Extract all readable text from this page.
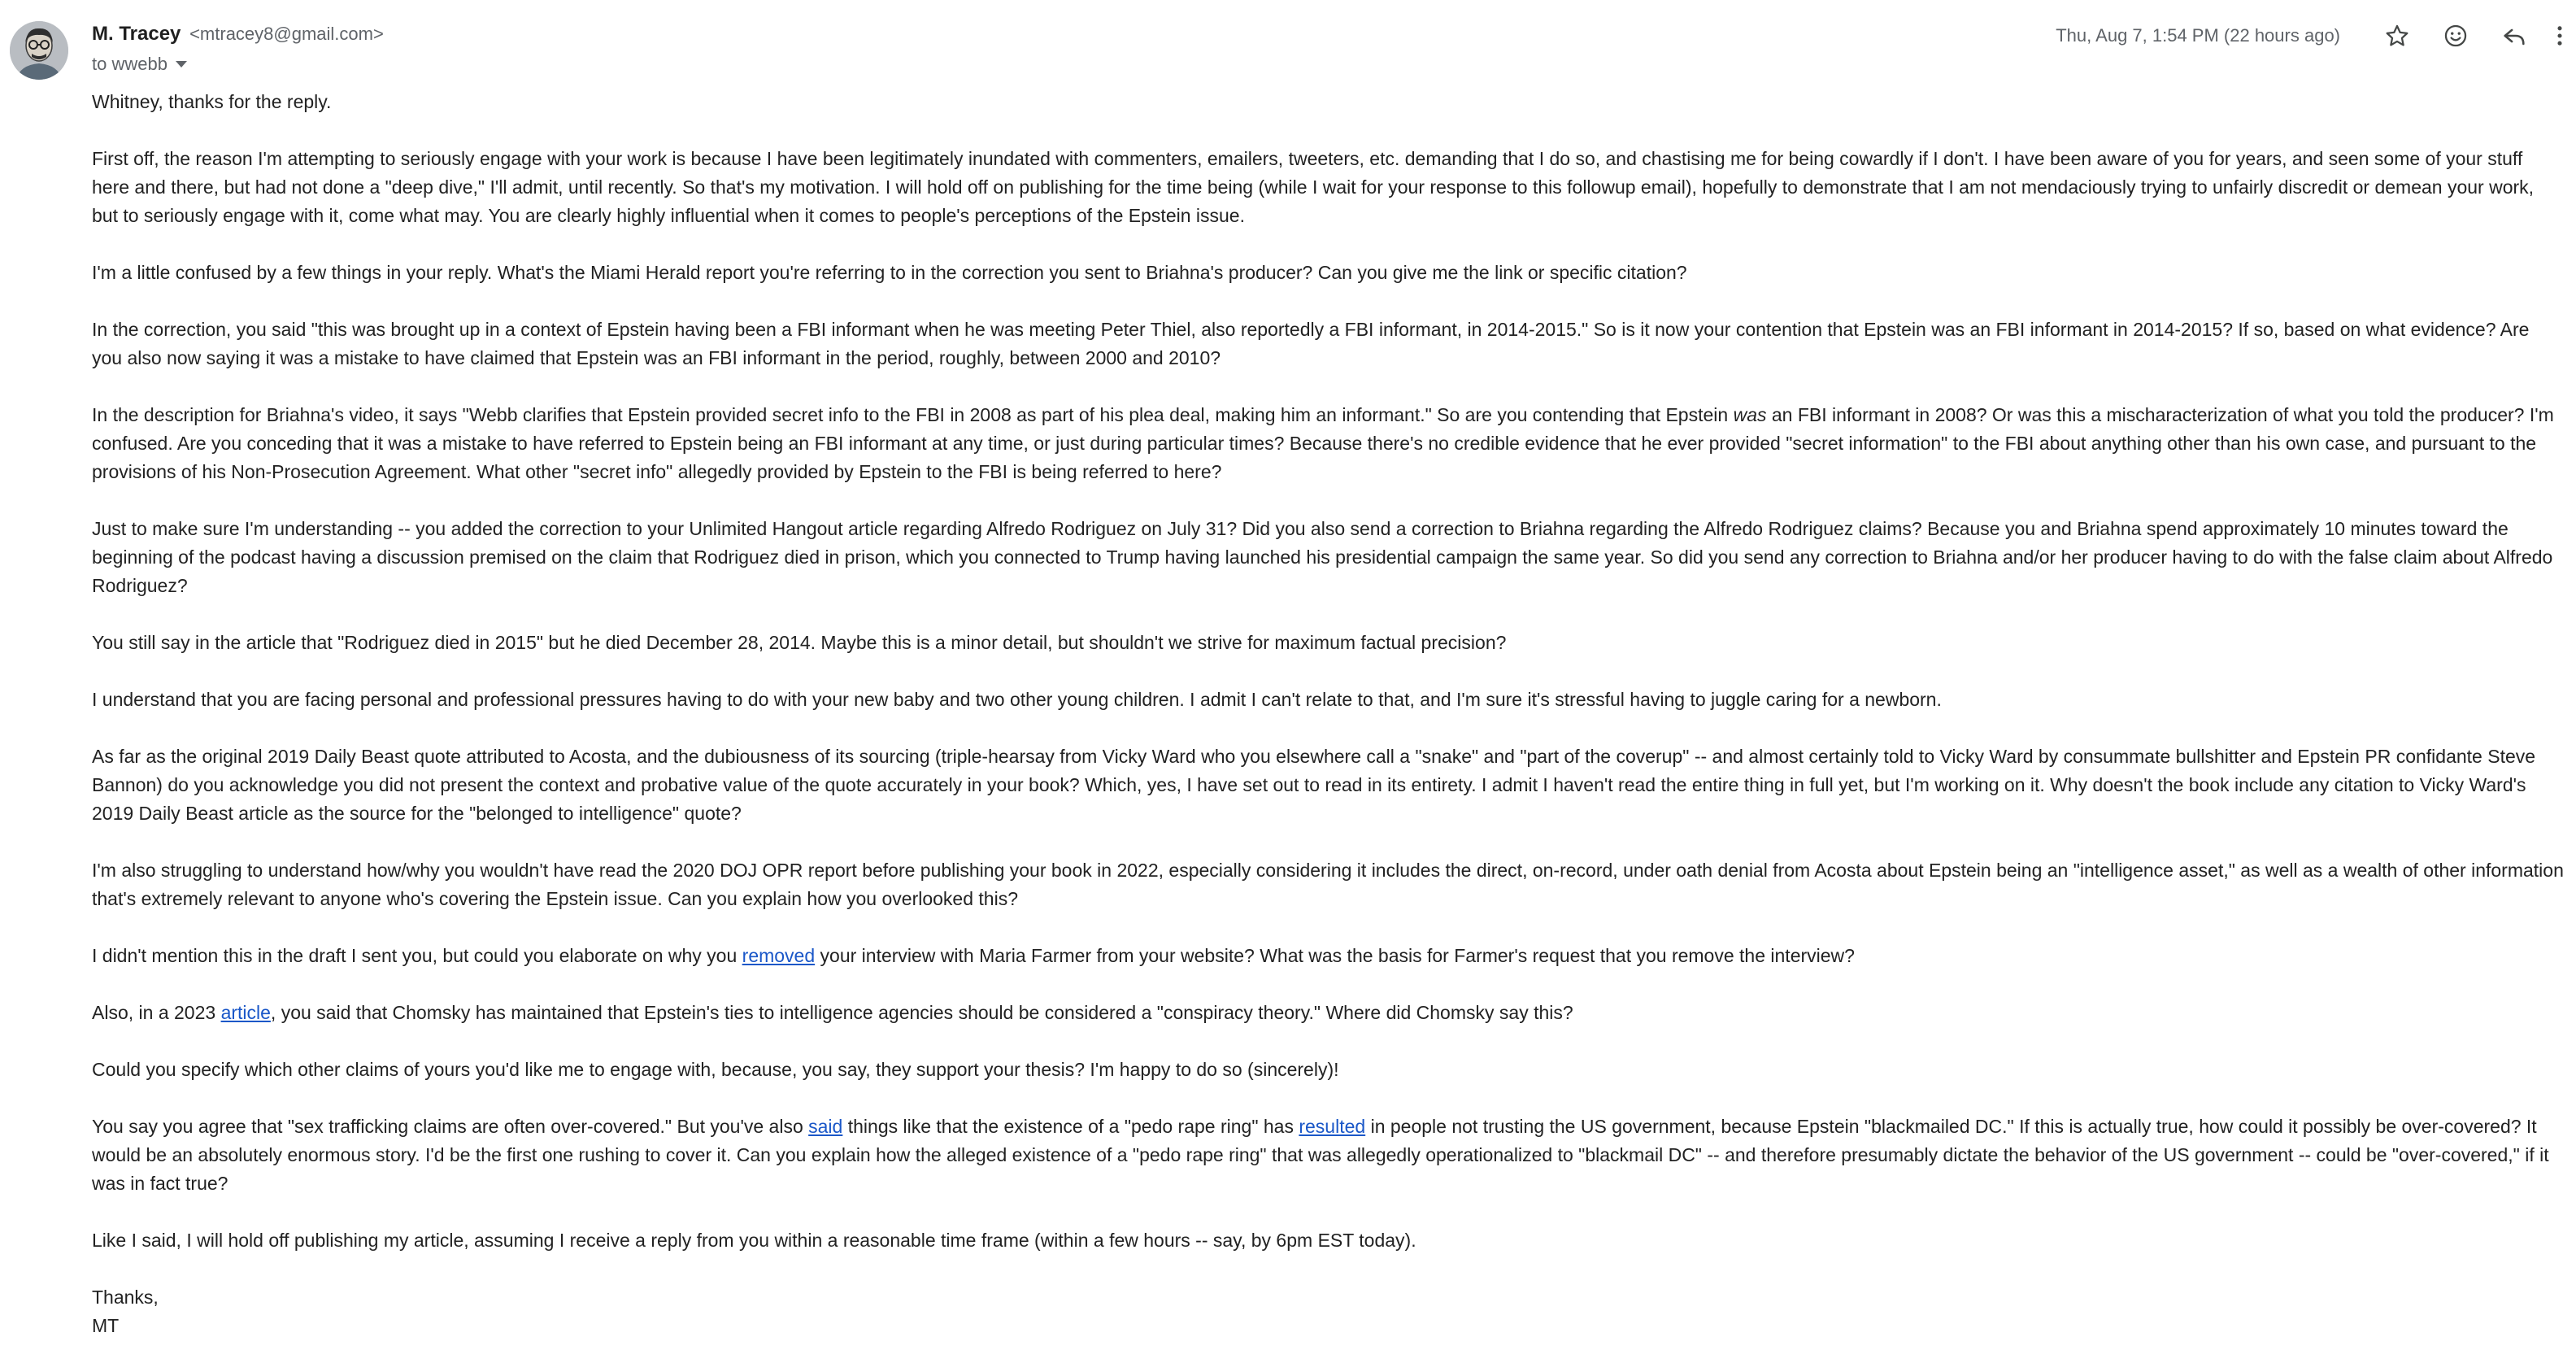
M. Tracey <mtracey8@gmail.com>
to wwebb
Thu, Aug 7, 1:54 PM (22 hours ago)

Whitney, thanks for the reply.

First off, the reason I'm attempting to seriously engage with your work is because I have been legitimately inundated with commenters, emailers, tweeters, etc. demanding that I do so, and chastising me for being cowardly if I don't. I have been aware of you for years, and seen some of your stuff here and there, but had not done a "deep dive," I'll admit, until recently. So that's my motivation. I will hold off on publishing for the time being (while I wait for your response to this followup email), hopefully to demonstrate that I am not mendaciously trying to unfairly discredit or demean your work, but to seriously engage with it, come what may. You are clearly highly influential when it comes to people's perceptions of the Epstein issue.

I'm a little confused by a few things in your reply. What's the Miami Herald report you're referring to in the correction you sent to Briahna's producer? Can you give me the link or specific citation?

In the correction, you said "this was brought up in a context of Epstein having been a FBI informant when he was meeting Peter Thiel, also reportedly a FBI informant, in 2014-2015." So is it now your contention that Epstein was an FBI informant in 2014-2015? If so, based on what evidence? Are you also now saying it was a mistake to have claimed that Epstein was an FBI informant in the period, roughly, between 2000 and 2010?

In the description for Briahna's video, it says "Webb clarifies that Epstein provided secret info to the FBI in 2008 as part of his plea deal, making him an informant." So are you contending that Epstein was an FBI informant in 2008? Or was this a mischaracterization of what you told the producer? I'm confused. Are you conceding that it was a mistake to have referred to Epstein being an FBI informant at any time, or just during particular times? Because there's no credible evidence that he ever provided "secret information" to the FBI about anything other than his own case, and pursuant to the provisions of his Non-Prosecution Agreement. What other "secret info" allegedly provided by Epstein to the FBI is being referred to here?

Just to make sure I'm understanding -- you added the correction to your Unlimited Hangout article regarding Alfredo Rodriguez on July 31? Did you also send a correction to Briahna regarding the Alfredo Rodriguez claims? Because you and Briahna spend approximately 10 minutes toward the beginning of the podcast having a discussion premised on the claim that Rodriguez died in prison, which you connected to Trump having launched his presidential campaign the same year. So did you send any correction to Briahna and/or her producer having to do with the false claim about Alfredo Rodriguez?

You still say in the article that "Rodriguez died in 2015" but he died December 28, 2014. Maybe this is a minor detail, but shouldn't we strive for maximum factual precision?

I understand that you are facing personal and professional pressures having to do with your new baby and two other young children. I admit I can't relate to that, and I'm sure it's stressful having to juggle caring for a newborn.

As far as the original 2019 Daily Beast quote attributed to Acosta, and the dubiousness of its sourcing (triple-hearsay from Vicky Ward who you elsewhere call a "snake" and "part of the coverup" -- and almost certainly told to Vicky Ward by consummate bullshitter and Epstein PR confidante Steve Bannon) do you acknowledge you did not present the context and probative value of the quote accurately in your book? Which, yes, I have set out to read in its entirety. I admit I haven't read the entire thing in full yet, but I'm working on it. Why doesn't the book include any citation to Vicky Ward's 2019 Daily Beast article as the source for the "belonged to intelligence" quote?

I'm also struggling to understand how/why you wouldn't have read the 2020 DOJ OPR report before publishing your book in 2022, especially considering it includes the direct, on-record, under oath denial from Acosta about Epstein being an "intelligence asset," as well as a wealth of other information that's extremely relevant to anyone who's covering the Epstein issue. Can you explain how you overlooked this?

I didn't mention this in the draft I sent you, but could you elaborate on why you removed your interview with Maria Farmer from your website? What was the basis for Farmer's request that you remove the interview?

Also, in a 2023 article, you said that Chomsky has maintained that Epstein's ties to intelligence agencies should be considered a "conspiracy theory." Where did Chomsky say this?

Could you specify which other claims of yours you'd like me to engage with, because, you say, they support your thesis? I'm happy to do so (sincerely)!

You say you agree that "sex trafficking claims are often over-covered." But you've also said things like that the existence of a "pedo rape ring" has resulted in people not trusting the US government, because Epstein "blackmailed DC." If this is actually true, how could it possibly be over-covered? It would be an absolutely enormous story. I'd be the first one rushing to cover it. Can you explain how the alleged existence of a "pedo rape ring" that was allegedly operationalized to "blackmail DC" -- and therefore presumably dictate the behavior of the US government -- could be "over-covered," if it was in fact true?

Like I said, I will hold off publishing my article, assuming I receive a reply from you within a reasonable time frame (within a few hours -- say, by 6pm EST today).

Thanks,

MT
